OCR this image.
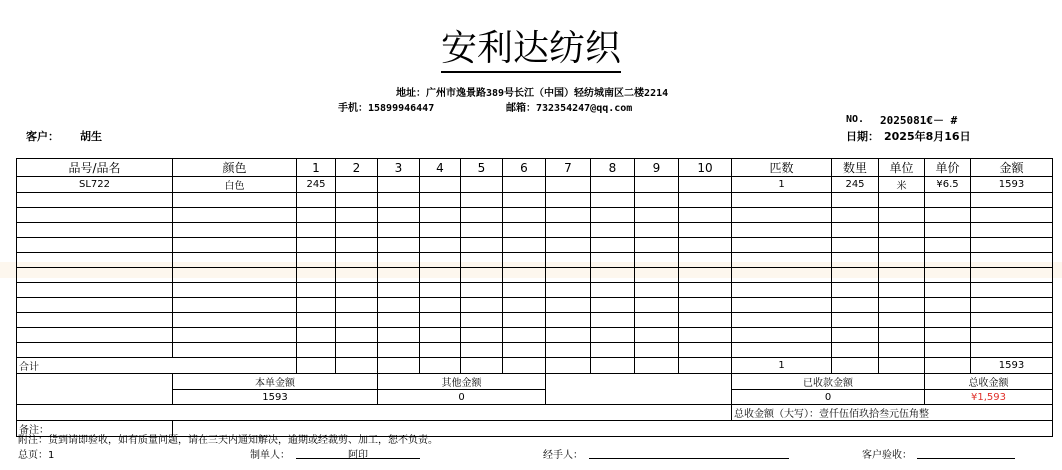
安利达纺织
地址：广州市逸景路389号长江（中国）轻纺城南区二楼2214
手机：15899946447	邮箱：732354247@qq.com
客户： 胡生
NO. 2025081€－ #
日期： 2025年8月16日
品号/品名	颜色	1	2	3	4	5	6	7	8	9	10	匹数	数里	单位	单价	金额
SL722	白色	245										1	245	米	¥6.5	1593

合计												1				1593
	本单金额			其他金额								已收款金额			总收金额	
	1593			0								0			¥1,593	
												总收金额（大写）：壹仟伍佰玖拾叁元伍角整				
备注：																
附注：货到请即验收，如有质量问题，请在三天内通知解决，逾期或经裁剪、加工，恕不负责。
总页：1	制单人：	阿印	经手人：	客户验收：
